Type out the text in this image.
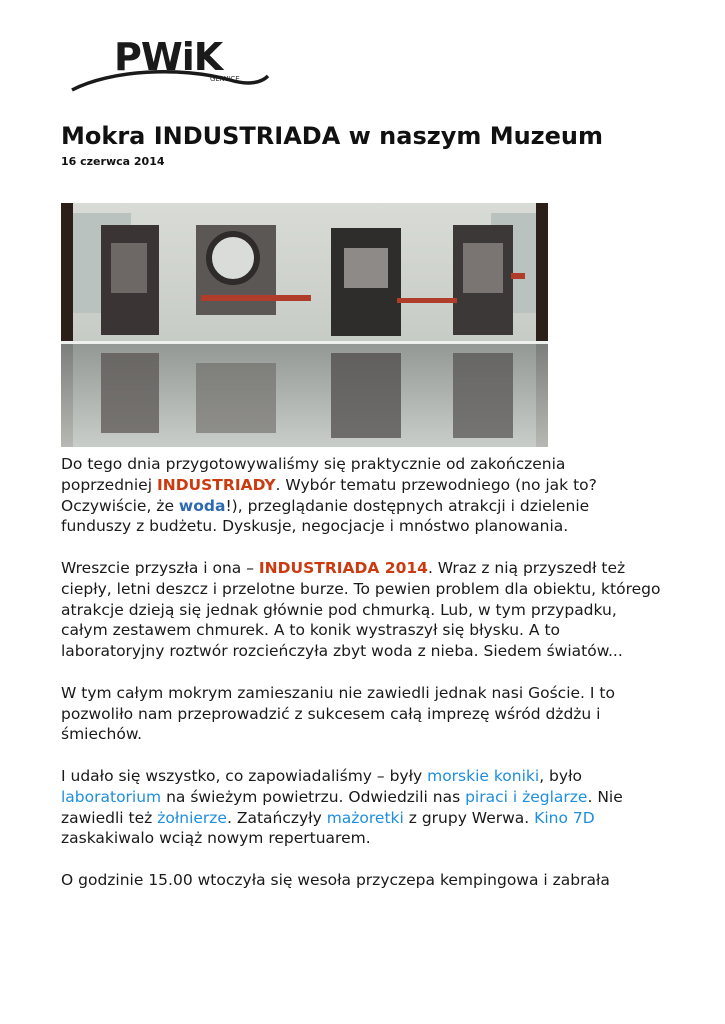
PWiK
GLIWICE
Mokra INDUSTRIADA w naszym Muzeum
16 czerwca 2014

Do tego dnia przygotowywaliśmy się praktycznie od zakończenia poprzedniej INDUSTRIADY. Wybór tematu przewodniego (no jak to? Oczywiście, że woda!), przeglądanie dostępnych atrakcji i dzielenie funduszy z budżetu. Dyskusje, negocjacje i mnóstwo planowania.

Wreszcie przyszła i ona – INDUSTRIADA 2014. Wraz z nią przyszedł też ciepły, letni deszcz i przelotne burze. To pewien problem dla obiektu, którego atrakcje dzieją się jednak głównie pod chmurką. Lub, w tym przypadku, całym zestawem chmurek. A to konik wystraszył się błysku. A to laboratoryjny roztwór rozcieńczyła zbyt woda z nieba. Siedem światów...

W tym całym mokrym zamieszaniu nie zawiedli jednak nasi Goście. I to pozwoliło nam przeprowadzić z sukcesem całą imprezę wśród dżdżu i śmiechów.

I udało się wszystko, co zapowiadaliśmy – były morskie koniki, było laboratorium na świeżym powietrzu. Odwiedzili nas piraci i żeglarze. Nie zawiedli też żołnierze. Zatańczyły mażoretki z grupy Werwa. Kino 7D zaskakiwalo wciąż nowym repertuarem.

O godzinie 15.00 wtoczyła się wesoła przyczepa kempingowa i zabrała
